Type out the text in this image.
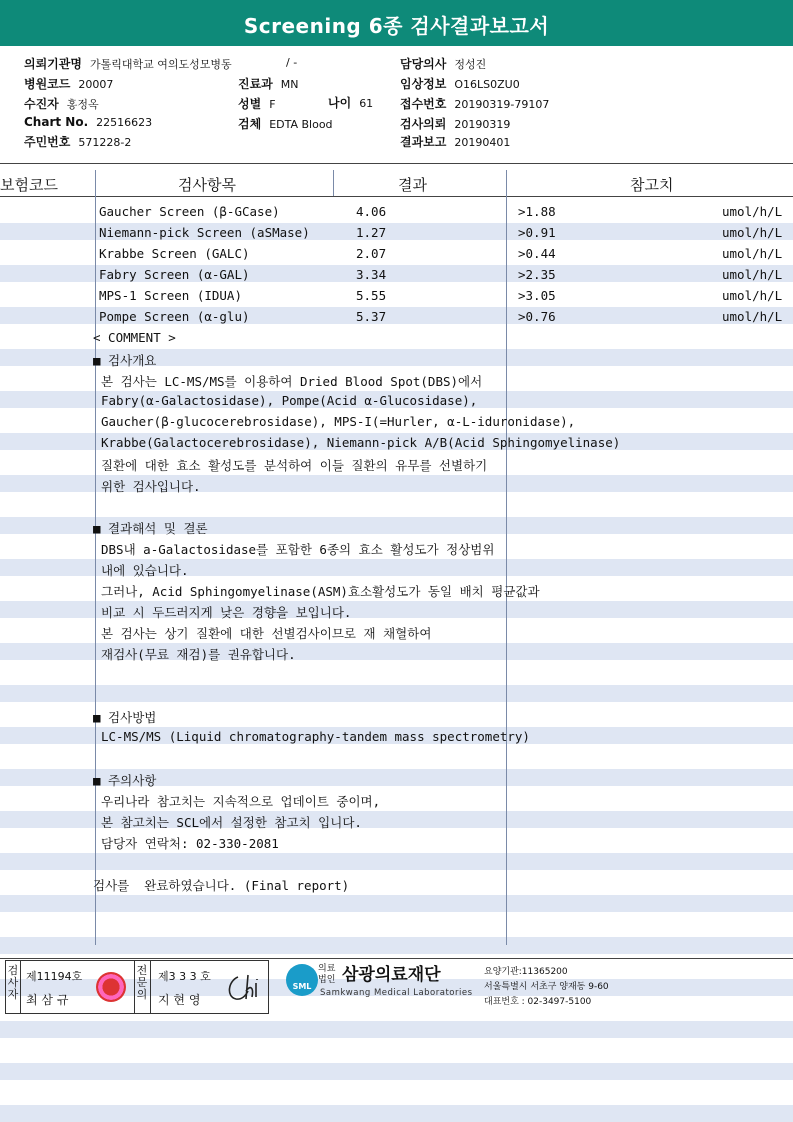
Screening 6종 검사결과보고서
의뢰기관명 가톨릭대학교 여의도성모병동
병원코드 20007
수진자 홍정옥
Chart No. 22516623
주민번호 571228-2
/ -
진료과 MN
성별 F
검체 EDTA Blood
담당의사 정성진
임상정보 O16LS0ZU0
접수번호 20190319-79107
검사의뢰 20190319
결과보고 20190401
나이 61
보험코드	검사항목	결과	참고치
Gaucher Screen (β-GCase)	4.06	>1.88	umol/h/L
Niemann-pick Screen (aSMase)	1.27	>0.91	umol/h/L
Krabbe Screen (GALC)	2.07	>0.44	umol/h/L
Fabry Screen (α-GAL)	3.34	>2.35	umol/h/L
MPS-1 Screen (IDUA)	5.55	>3.05	umol/h/L
Pompe Screen (α-glu)	5.37	>0.76	umol/h/L
< COMMENT >
■ 검사개요
본 검사는 LC-MS/MS를 이용하여 Dried Blood Spot(DBS)에서
Fabry(α-Galactosidase), Pompe(Acid α-Glucosidase),
Gaucher(β-glucocerebrosidase), MPS-I(=Hurler, α-L-iduronidase),
Krabbe(Galactocerebrosidase), Niemann-pick A/B(Acid Sphingomyelinase)
질환에 대한 효소 활성도를 분석하여 이들 질환의 유무를 선별하기
위한 검사입니다.
■ 결과해석 및 결론
DBS내 a-Galactosidase를 포함한 6종의 효소 활성도가 정상범위
내에 있습니다.
그러나, Acid Sphingomyelinase(ASM)효소활성도가 동일 배치 평균값과
비교 시 두드러지게 낮은 경향을 보입니다.
본 검사는 상기 질환에 대한 선별검사이므로 재 채혈하여
재검사(무료 재검)를 권유합니다.
■ 검사방법
LC-MS/MS (Liquid chromatography-tandem mass spectrometry)
■ 주의사항
우리나라 참고치는 지속적으로 업데이트 중이며,
본 참고치는 SCL에서 설정한 참고치 입니다.
담당자 연락처: 02-330-2081
검사를  완료하였습니다. (Final report)
검사자
제11194호
최 삼 규
전문의
제3 3 3 호
지 현 영
SML
의료법인 삼광의료재단
Samkwang Medical Laboratories
요양기관:11365200
서울특별시 서초구 양재동 9-60
대표번호 : 02-3497-5100
